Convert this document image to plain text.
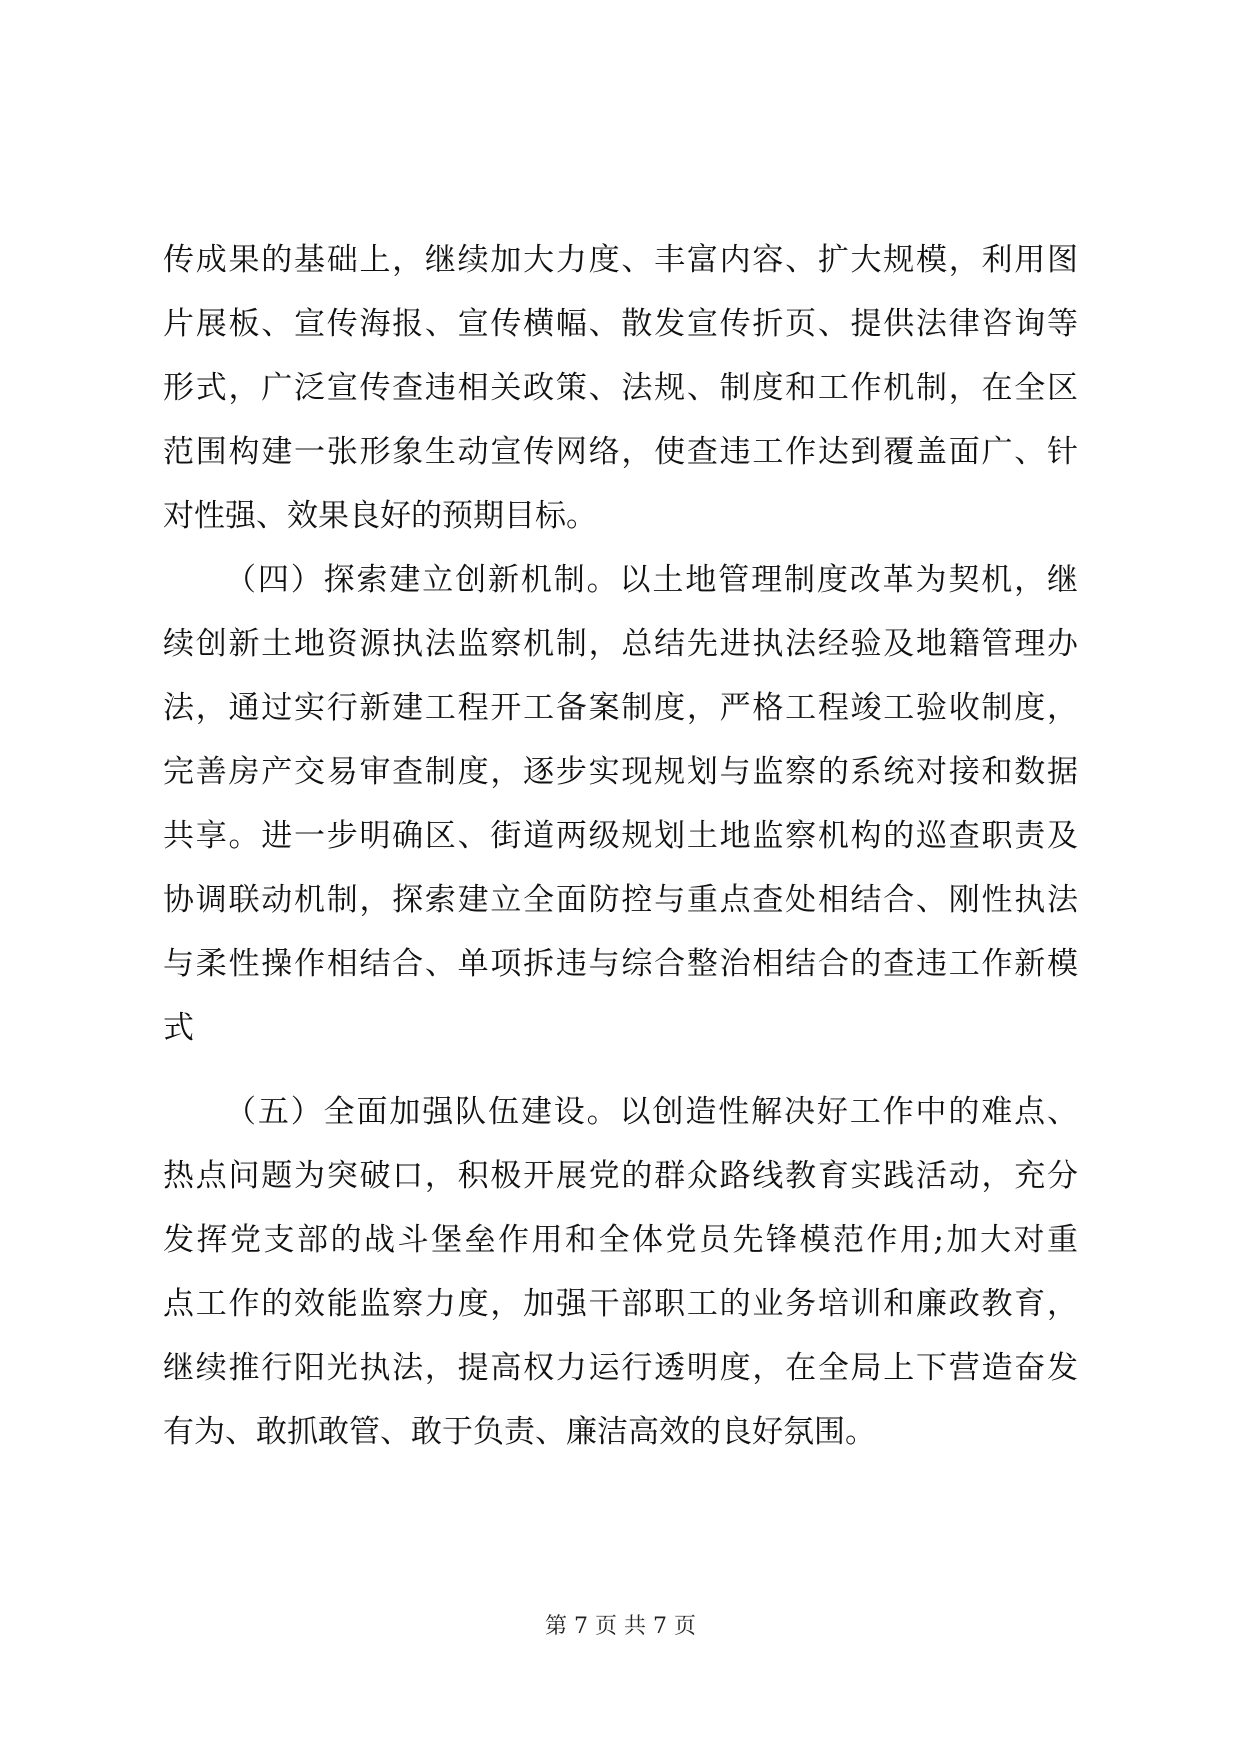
传成果的基础上，继续加大力度、丰富内容、扩大规模，利用图
片展板、宣传海报、宣传横幅、散发宣传折页、提供法律咨询等
形式，广泛宣传查违相关政策、法规、制度和工作机制，在全区
范围构建一张形象生动宣传网络，使查违工作达到覆盖面广、针
对性强、效果良好的预期目标。
（四）探索建立创新机制。以土地管理制度改革为契机，继
续创新土地资源执法监察机制，总结先进执法经验及地籍管理办
法，通过实行新建工程开工备案制度，严格工程竣工验收制度，
完善房产交易审查制度，逐步实现规划与监察的系统对接和数据
共享。进一步明确区、街道两级规划土地监察机构的巡查职责及
协调联动机制，探索建立全面防控与重点查处相结合、刚性执法
与柔性操作相结合、单项拆违与综合整治相结合的查违工作新模
式
（五）全面加强队伍建设。以创造性解决好工作中的难点、
热点问题为突破口，积极开展党的群众路线教育实践活动，充分
发挥党支部的战斗堡垒作用和全体党员先锋模范作用;加大对重
点工作的效能监察力度，加强干部职工的业务培训和廉政教育，
继续推行阳光执法，提高权力运行透明度，在全局上下营造奋发
有为、敢抓敢管、敢于负责、廉洁高效的良好氛围。
第 7 页 共 7 页
